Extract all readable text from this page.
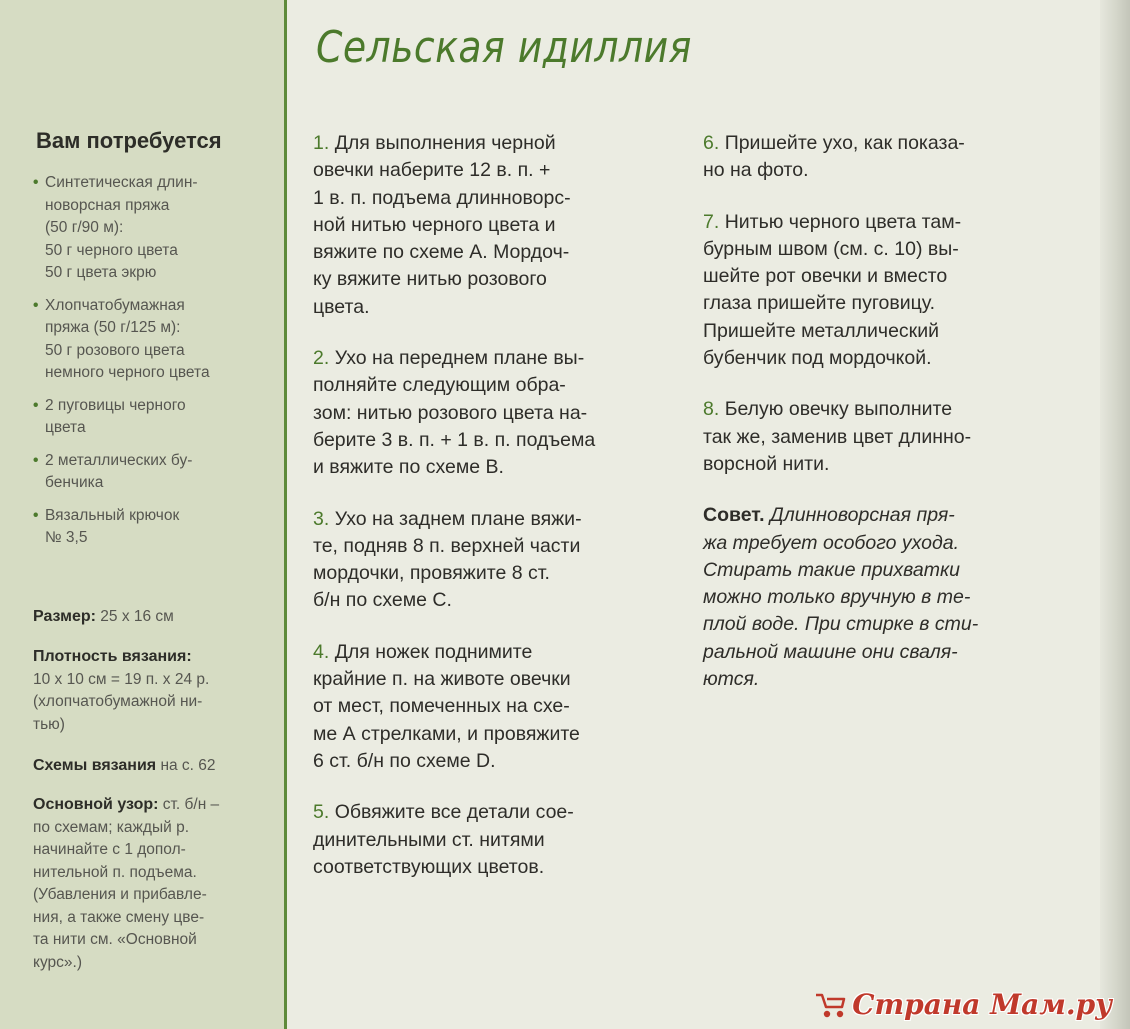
Сельская идиллия
Вам потребуется
• Синтетическая длин-
новорсная пряжа
(50 г/90 м):
50 г черного цвета
50 г цвета экрю
• Хлопчатобумажная
пряжа (50 г/125 м):
50 г розового цвета
немного черного цвета
• 2 пуговицы черного
цвета
• 2 металлических бу-
бенчика
• Вязальный крючок
№ 3,5

Размер: 25 х 16 см

Плотность вязания:
10 х 10 см = 19 п. х 24 р.
(хлопчатобумажной ни-
тью)

Схемы вязания на с. 62

Основной узор: ст. б/н –
по схемам; каждый р.
начинайте с 1 допол-
нительной п. подъема.
(Убавления и прибавле-
ния, а также смену цве-
та нити см. «Основной
курс».)

1. Для выполнения черной
овечки наберите 12 в. п. +
1 в. п. подъема длинноворс-
ной нитью черного цвета и
вяжите по схеме А. Мордоч-
ку вяжите нитью розового
цвета.

2. Ухо на переднем плане вы-
полняйте следующим обра-
зом: нитью розового цвета на-
берите 3 в. п. + 1 в. п. подъема
и вяжите по схеме В.

3. Ухо на заднем плане вяжи-
те, подняв 8 п. верхней части
мордочки, провяжите 8 ст.
б/н по схеме С.

4. Для ножек поднимите
крайние п. на животе овечки
от мест, помеченных на схе-
ме А стрелками, и провяжите
6 ст. б/н по схеме D.

5. Обвяжите все детали сое-
динительными ст. нитями
соответствующих цветов.

6. Пришейте ухо, как показа-
но на фото.

7. Нитью черного цвета там-
бурным швом (см. с. 10) вы-
шейте рот овечки и вместо
глаза пришейте пуговицу.
Пришейте металлический
бубенчик под мордочкой.

8. Белую овечку выполните
так же, заменив цвет длинно-
ворсной нити.

Совет. Длинноворсная пря-
жа требует особого ухода.
Стирать такие прихватки
можно только вручную в те-
плой воде. При стирке в сти-
ральной машине они сваля-
ются.

Страна Мам.ру
